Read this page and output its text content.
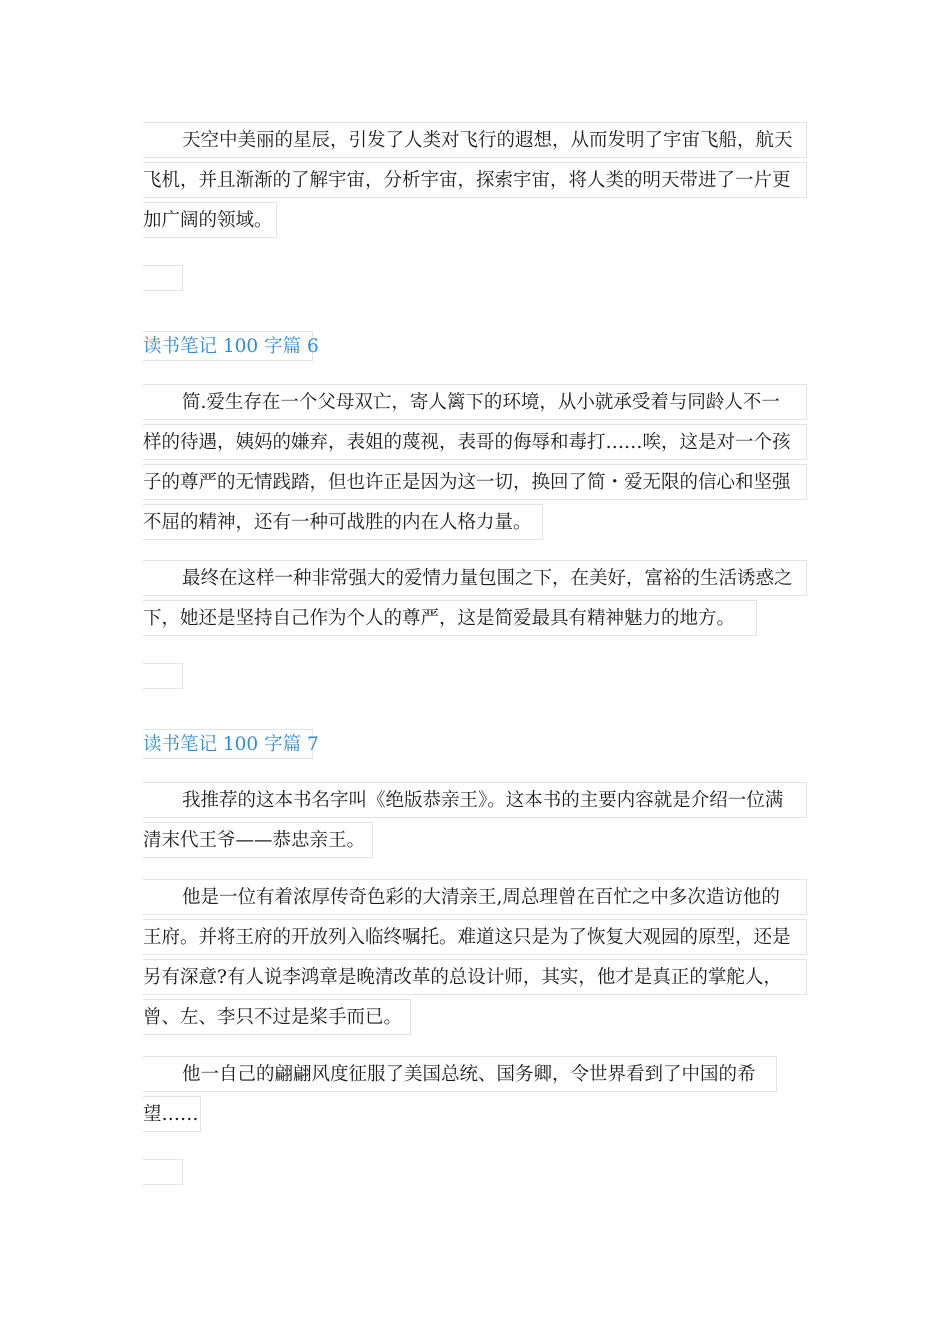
天空中美丽的星辰，引发了人类对飞行的遐想，从而发明了宇宙飞船，航天
飞机，并且渐渐的了解宇宙，分析宇宙，探索宇宙，将人类的明天带进了一片更
加广阔的领域。
读书笔记 100 字篇 6
简.爱生存在一个父母双亡，寄人篱下的环境，从小就承受着与同龄人不一
样的待遇，姨妈的嫌弃，表姐的蔑视，表哥的侮辱和毒打……唉，这是对一个孩
子的尊严的无情践踏，但也许正是因为这一切，换回了简・爱无限的信心和坚强
不屈的精神，还有一种可战胜的内在人格力量。
最终在这样一种非常强大的爱情力量包围之下，在美好，富裕的生活诱惑之
下，她还是坚持自己作为个人的尊严，这是简爱最具有精神魅力的地方。
读书笔记 100 字篇 7
我推荐的这本书名字叫《绝版恭亲王》。这本书的主要内容就是介绍一位满
清末代王爷——恭忠亲王。
他是一位有着浓厚传奇色彩的大清亲王,周总理曾在百忙之中多次造访他的
王府。并将王府的开放列入临终嘱托。难道这只是为了恢复大观园的原型，还是
另有深意?有人说李鸿章是晚清改革的总设计师，其实，他才是真正的掌舵人，
曾、左、李只不过是桨手而已。
他一自己的翩翩风度征服了美国总统、国务卿，令世界看到了中国的希
望……
